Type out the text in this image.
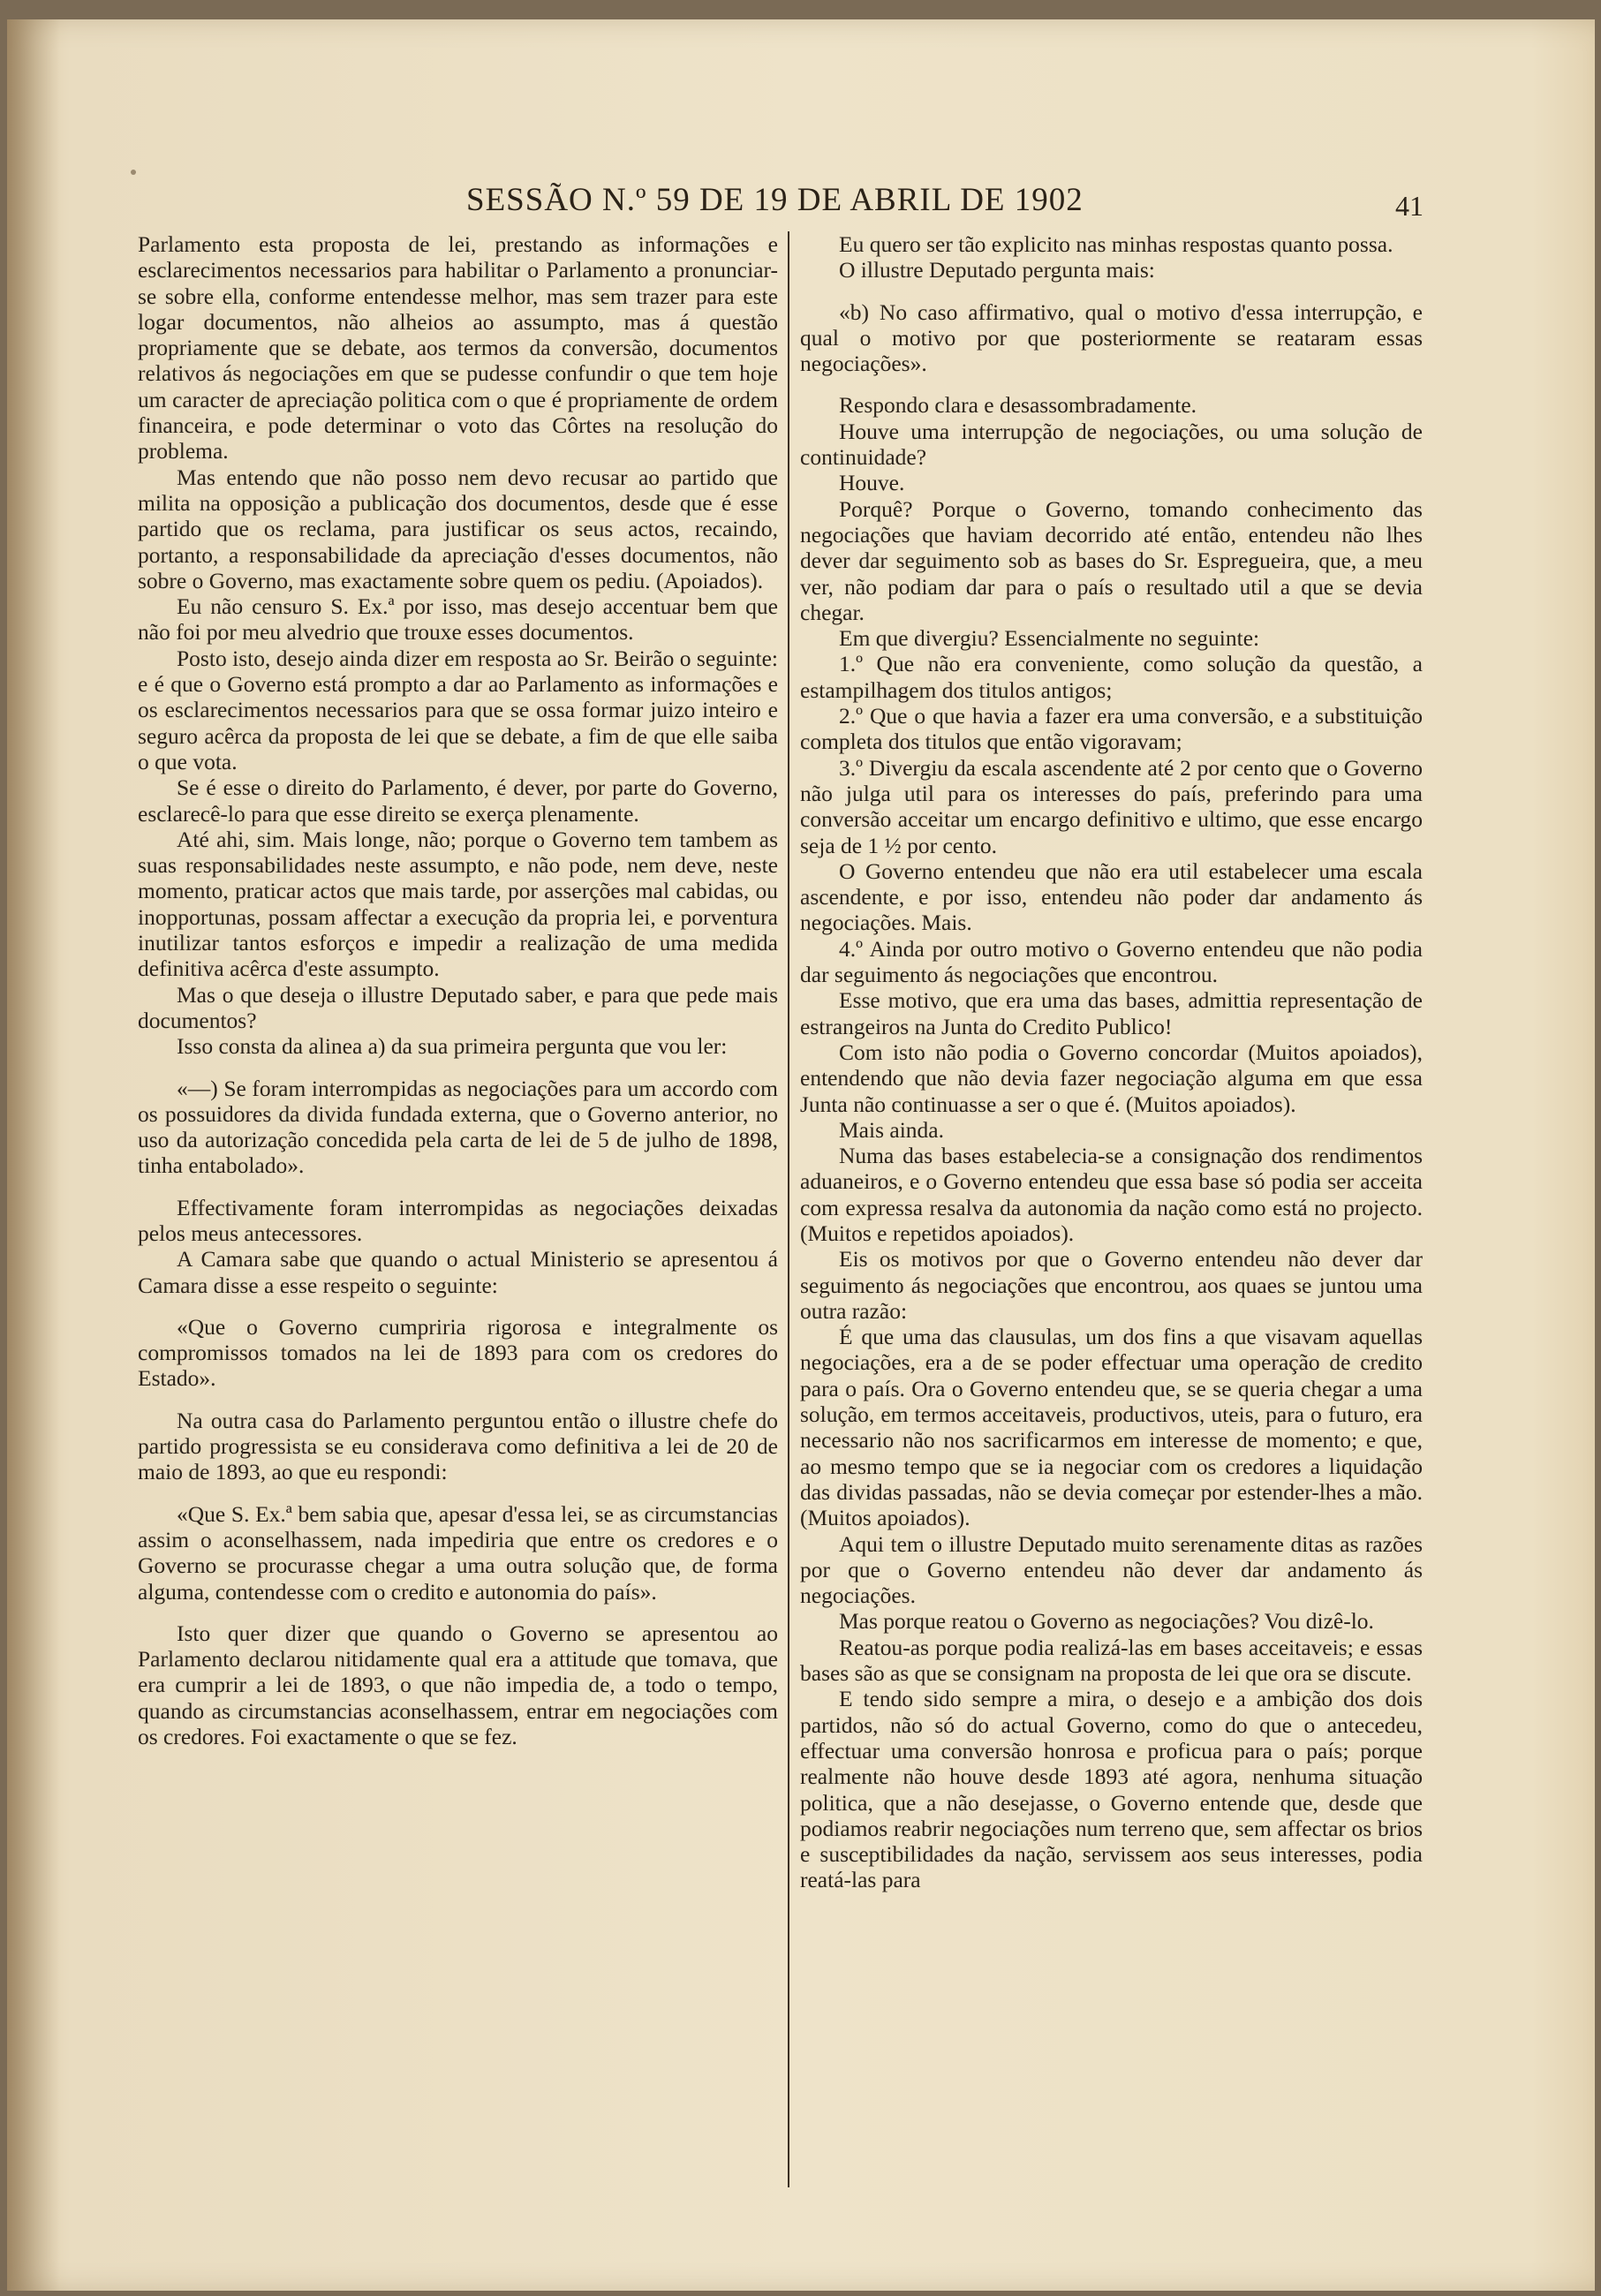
SESSÃO N.º 59 DE 19 DE ABRIL DE 1902	41

Parlamento esta proposta de lei, prestando as informações e esclarecimentos necessarios para habilitar o Parlamento a pronunciar-se sobre ella, conforme entendesse melhor, mas sem trazer para este logar documentos, não alheios ao assumpto, mas á questão propriamente que se debate, aos termos da conversão, documentos relativos ás negociações em que se pudesse confundir o que tem hoje um caracter de apreciação politica com o que é propriamente de ordem financeira, e pode determinar o voto das Côrtes na resolução do problema.

Mas entendo que não posso nem devo recusar ao partido que milita na opposição a publicação dos documentos, desde que é esse partido que os reclama, para justificar os seus actos, recaindo, portanto, a responsabilidade da apreciação d'esses documentos, não sobre o Governo, mas exactamente sobre quem os pediu. (Apoiados).

Eu não censuro S. Ex.ª por isso, mas desejo accentuar bem que não foi por meu alvedrio que trouxe esses documentos.

Posto isto, desejo ainda dizer em resposta ao Sr. Beirão o seguinte: e é que o Governo está prompto a dar ao Parlamento as informações e os esclarecimentos necessarios para que se ossa formar juizo inteiro e seguro acêrca da proposta de lei que se debate, a fim de que elle saiba o que vota.

Se é esse o direito do Parlamento, é dever, por parte do Governo, esclarecê-lo para que esse direito se exerça plenamente.

Até ahi, sim. Mais longe, não; porque o Governo tem tambem as suas responsabilidades neste assumpto, e não pode, nem deve, neste momento, praticar actos que mais tarde, por asserções mal cabidas, ou inopportunas, possam affectar a execução da propria lei, e porventura inutilizar tantos esforços e impedir a realização de uma medida definitiva acêrca d'este assumpto.

Mas o que deseja o illustre Deputado saber, e para que pede mais documentos?

Isso consta da alinea a) da sua primeira pergunta que vou ler:

«—) Se foram interrompidas as negociações para um accordo com os possuidores da divida fundada externa, que o Governo anterior, no uso da autorização concedida pela carta de lei de 5 de julho de 1898, tinha entabolado».

Effectivamente foram interrompidas as negociações deixadas pelos meus antecessores.

A Camara sabe que quando o actual Ministerio se apresentou á Camara disse a esse respeito o seguinte:

«Que o Governo cumpriria rigorosa e integralmente os compromissos tomados na lei de 1893 para com os credores do Estado».

Na outra casa do Parlamento perguntou então o illustre chefe do partido progressista se eu considerava como definitiva a lei de 20 de maio de 1893, ao que eu respondi:

«Que S. Ex.ª bem sabia que, apesar d'essa lei, se as circumstancias assim o aconselhassem, nada impediria que entre os credores e o Governo se procurasse chegar a uma outra solução que, de forma alguma, contendesse com o credito e autonomia do país».

Isto quer dizer que quando o Governo se apresentou ao Parlamento declarou nitidamente qual era a attitude que tomava, que era cumprir a lei de 1893, o que não impedia de, a todo o tempo, quando as circumstancias aconselhassem, entrar em negociações com os credores. Foi exactamente o que se fez.

Eu quero ser tão explicito nas minhas respostas quanto possa.

O illustre Deputado pergunta mais:

«b) No caso affirmativo, qual o motivo d'essa interrupção, e qual o motivo por que posteriormente se reataram essas negociações».

Respondo clara e desassombradamente.

Houve uma interrupção de negociações, ou uma solução de continuidade?

Houve.

Porquê? Porque o Governo, tomando conhecimento das negociações que haviam decorrido até então, entendeu não lhes dever dar seguimento sob as bases do Sr. Espregueira, que, a meu ver, não podiam dar para o país o resultado util a que se devia chegar.

Em que divergiu? Essencialmente no seguinte:

1.º Que não era conveniente, como solução da questão, a estampilhagem dos titulos antigos;

2.º Que o que havia a fazer era uma conversão, e a substituição completa dos titulos que então vigoravam;

3.º Divergiu da escala ascendente até 2 por cento que o Governo não julga util para os interesses do país, preferindo para uma conversão acceitar um encargo definitivo e ultimo, que esse encargo seja de 1 ½ por cento.

O Governo entendeu que não era util estabelecer uma escala ascendente, e por isso, entendeu não poder dar andamento ás negociações. Mais.

4.º Ainda por outro motivo o Governo entendeu que não podia dar seguimento ás negociações que encontrou.

Esse motivo, que era uma das bases, admittia representação de estrangeiros na Junta do Credito Publico!

Com isto não podia o Governo concordar (Muitos apoiados), entendendo que não devia fazer negociação alguma em que essa Junta não continuasse a ser o que é. (Muitos apoiados).

Mais ainda.

Numa das bases estabelecia-se a consignação dos rendimentos aduaneiros, e o Governo entendeu que essa base só podia ser acceita com expressa resalva da autonomia da nação como está no projecto. (Muitos e repetidos apoiados).

Eis os motivos por que o Governo entendeu não dever dar seguimento ás negociações que encontrou, aos quaes se juntou uma outra razão:

É que uma das clausulas, um dos fins a que visavam aquellas negociações, era a de se poder effectuar uma operação de credito para o país. Ora o Governo entendeu que, se se queria chegar a uma solução, em termos acceitaveis, productivos, uteis, para o futuro, era necessario não nos sacrificarmos em interesse de momento; e que, ao mesmo tempo que se ia negociar com os credores a liquidação das dividas passadas, não se devia começar por estender-lhes a mão. (Muitos apoiados).

Aqui tem o illustre Deputado muito serenamente ditas as razões por que o Governo entendeu não dever dar andamento ás negociações.

Mas porque reatou o Governo as negociações? Vou dizê-lo.

Reatou-as porque podia realizá-las em bases acceitaveis; e essas bases são as que se consignam na proposta de lei que ora se discute.

E tendo sido sempre a mira, o desejo e a ambição dos dois partidos, não só do actual Governo, como do que o antecedeu, effectuar uma conversão honrosa e proficua para o país; porque realmente não houve desde 1893 até agora, nenhuma situação politica, que a não desejasse, o Governo entende que, desde que podiamos reabrir negociações num terreno que, sem affectar os brios e susceptibilidades da nação, servissem aos seus interesses, podia reatá-las para
